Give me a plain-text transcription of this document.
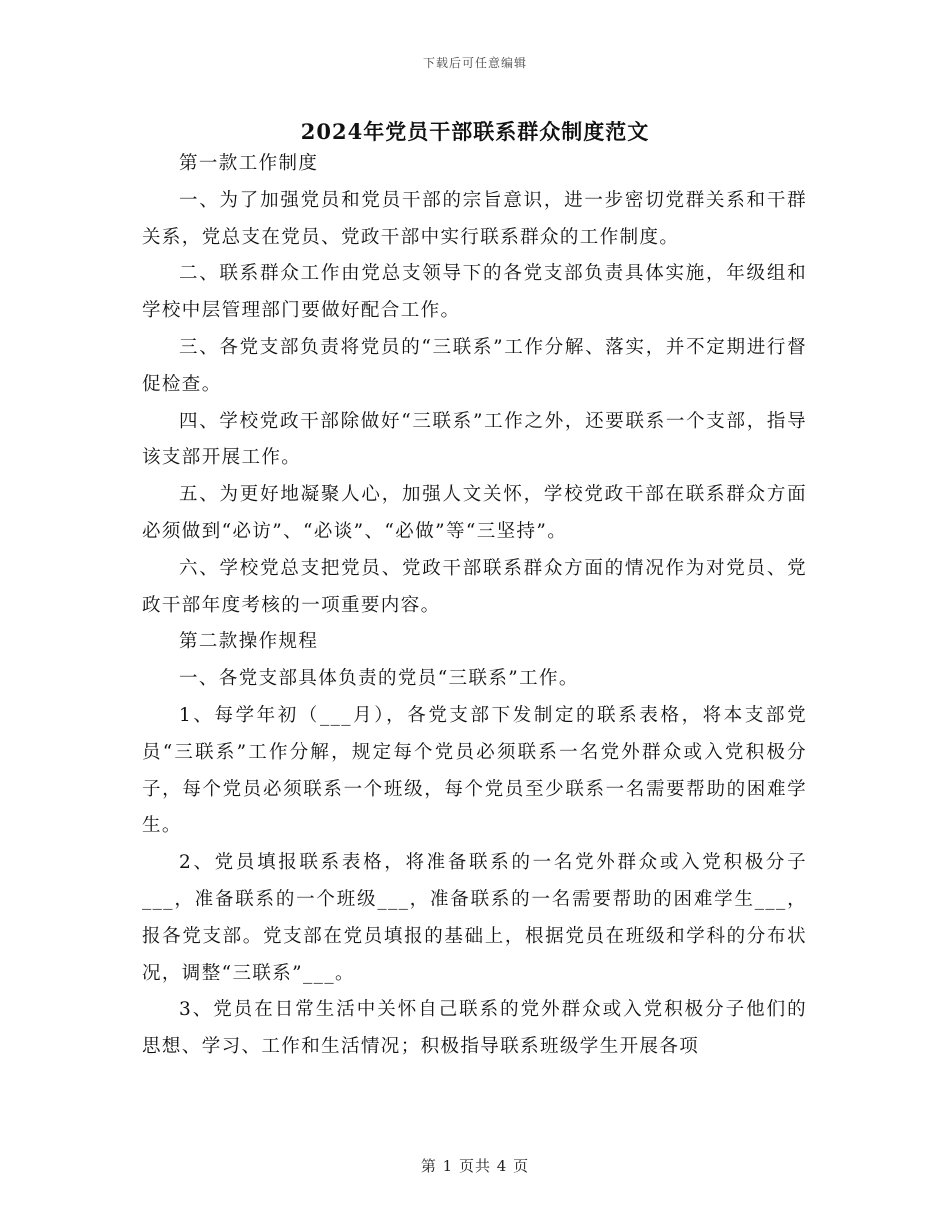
下载后可任意编辑
2024年党员干部联系群众制度范文

第一款工作制度

一、为了加强党员和党员干部的宗旨意识，进一步密切党群关系和干群关系，党总支在党员、党政干部中实行联系群众的工作制度。

二、联系群众工作由党总支领导下的各党支部负责具体实施，年级组和学校中层管理部门要做好配合工作。

三、各党支部负责将党员的“三联系”工作分解、落实，并不定期进行督促检查。

四、学校党政干部除做好“三联系”工作之外，还要联系一个支部，指导该支部开展工作。

五、为更好地凝聚人心，加强人文关怀，学校党政干部在联系群众方面必须做到“必访”、“必谈”、“必做”等“三坚持”。

六、学校党总支把党员、党政干部联系群众方面的情况作为对党员、党政干部年度考核的一项重要内容。

第二款操作规程

一、各党支部具体负责的党员“三联系”工作。

1、每学年初（___月），各党支部下发制定的联系表格，将本支部党员“三联系”工作分解，规定每个党员必须联系一名党外群众或入党积极分子，每个党员必须联系一个班级，每个党员至少联系一名需要帮助的困难学生。

2、党员填报联系表格，将准备联系的一名党外群众或入党积极分子___，准备联系的一个班级___，准备联系的一名需要帮助的困难学生___，报各党支部。党支部在党员填报的基础上，根据党员在班级和学科的分布状况，调整“三联系”___。

3、党员在日常生活中关怀自己联系的党外群众或入党积极分子他们的思想、学习、工作和生活情况；积极指导联系班级学生开展各项

第 1 页共 4 页
